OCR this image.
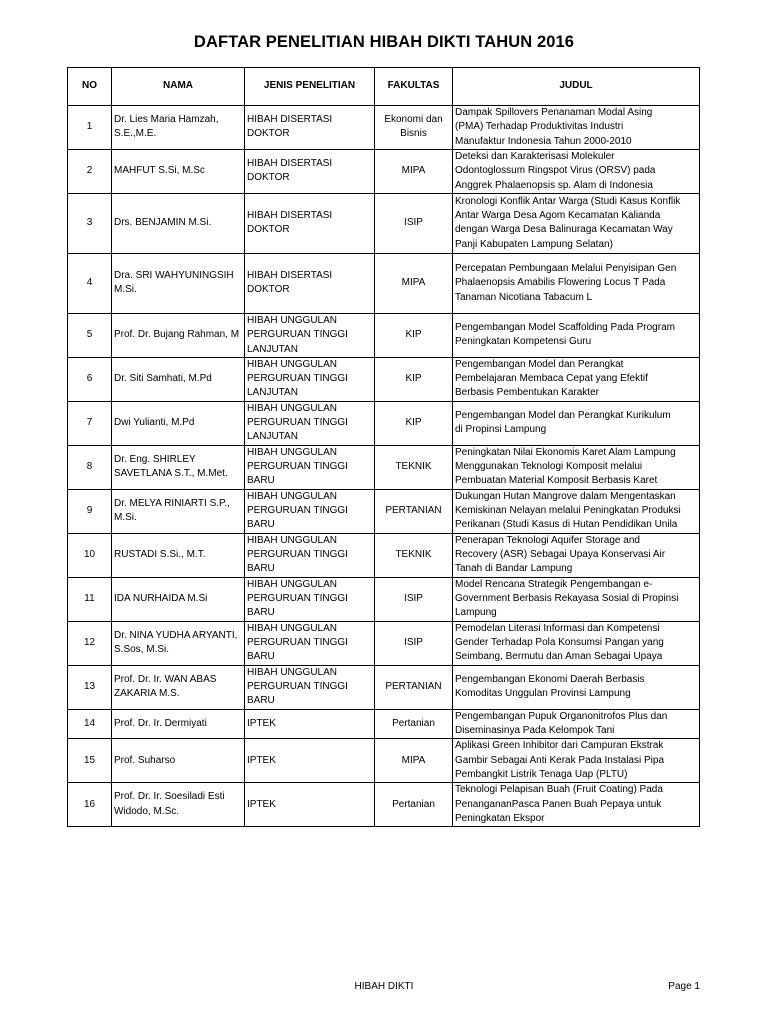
DAFTAR PENELITIAN HIBAH DIKTI TAHUN 2016
NO	NAMA	JENIS PENELITIAN	FAKULTAS	JUDUL

1	Dr. Lies Maria Hamzah,
S.E.,M.E.	HIBAH DISERTASI
DOKTOR	Ekonomi dan
Bisnis	Dampak Spillovers Penanaman Modal Asing
(PMA) Terhadap Produktivitas Industri
Manufaktur Indonesia Tahun 2000-2010

2	MAHFUT S.Si, M.Sc	HIBAH DISERTASI
DOKTOR	MIPA	Deteksi dan Karakterisasi Molekuler
Odontoglossum Ringspot Virus (ORSV) pada
Anggrek Phalaenopsis sp. Alam di Indonesia

3	Drs. BENJAMIN M.Si.	HIBAH DISERTASI
DOKTOR	ISIP	Kronologi Konflik Antar Warga (Studi Kasus Konflik
Antar Warga Desa Agom Kecamatan Kalianda
dengan Warga Desa Balinuraga Kecamatan Way
Panji Kabupaten Lampung Selatan)

4	Dra. SRI WAHYUNINGSIH
M.Si.	HIBAH DISERTASI
DOKTOR	MIPA	Percepatan Pembungaan Melalui Penyisipan Gen
Phalaenopsis Amabilis Flowering Locus T Pada
Tanaman Nicotiana Tabacum L

5	Prof. Dr. Bujang Rahman, M	HIBAH UNGGULAN
PERGURUAN TINGGI
LANJUTAN	KIP	Pengembangan Model Scaffolding Pada Program
Peningkatan Kompetensi Guru

6	Dr. Siti Samhati, M.Pd	HIBAH UNGGULAN
PERGURUAN TINGGI
LANJUTAN	KIP	Pengembangan Model dan Perangkat
Pembelajaran Membaca Cepat yang Efektif
Berbasis Pembentukan Karakter

7	Dwi Yulianti, M.Pd	HIBAH UNGGULAN
PERGURUAN TINGGI
LANJUTAN	KIP	Pengembangan Model dan Perangkat Kurikulum
di Propinsi Lampung

8	Dr. Eng. SHIRLEY
SAVETLANA S.T., M.Met.	HIBAH UNGGULAN
PERGURUAN TINGGI
BARU	TEKNIK	Peningkatan Nilai Ekonomis Karet Alam Lampung
Menggunakan Teknologi Komposit melalui
Pembuatan Material Komposit Berbasis Karet

9	Dr. MELYA RINIARTI S.P.,
M.Si.	HIBAH UNGGULAN
PERGURUAN TINGGI
BARU	PERTANIAN	Dukungan Hutan Mangrove dalam Mengentaskan
Kemiskinan Nelayan melalui Peningkatan Produksi
Perikanan (Studi Kasus di Hutan Pendidikan Unila

10	RUSTADI S.Si., M.T.	HIBAH UNGGULAN
PERGURUAN TINGGI
BARU	TEKNIK	Penerapan Teknologi Aquifer Storage and
Recovery (ASR) Sebagai Upaya Konservasi Air
Tanah di Bandar Lampung

11	IDA NURHAIDA M.Si	HIBAH UNGGULAN
PERGURUAN TINGGI
BARU	ISIP	Model Rencana Strategik Pengembangan e-
Government Berbasis Rekayasa Sosial di Propinsi
Lampung

12	Dr. NINA YUDHA ARYANTI,
S.Sos, M.Si.	HIBAH UNGGULAN
PERGURUAN TINGGI
BARU	ISIP	Pemodelan Literasi Informasi dan Kompetensi
Gender Terhadap Pola Konsumsi Pangan yang
Seimbang, Bermutu dan Aman Sebagai Upaya

13	Prof. Dr. Ir. WAN ABAS
ZAKARIA M.S.	HIBAH UNGGULAN
PERGURUAN TINGGI
BARU	PERTANIAN	Pengembangan Ekonomi Daerah Berbasis
Komoditas Unggulan Provinsi Lampung

14	Prof. Dr. Ir. Dermiyati	IPTEK	Pertanian	Pengembangan Pupuk Organonitrofos Plus dan
Diseminasinya Pada Kelompok Tani

15	Prof. Suharso	IPTEK	MIPA	Aplikasi Green Inhibitor dari Campuran Ekstrak
Gambir Sebagai Anti Kerak Pada Instalasi Pipa
Pembangkit Listrik Tenaga Uap (PLTU)

16	Prof. Dr. Ir. Soesiladi Esti
Widodo, M.Sc.	IPTEK	Pertanian	Teknologi Pelapisan Buah (Fruit Coating) Pada
PenangananPasca Panen Buah Pepaya untuk
Peningkatan Ekspor
HIBAH DIKTI	Page 1
